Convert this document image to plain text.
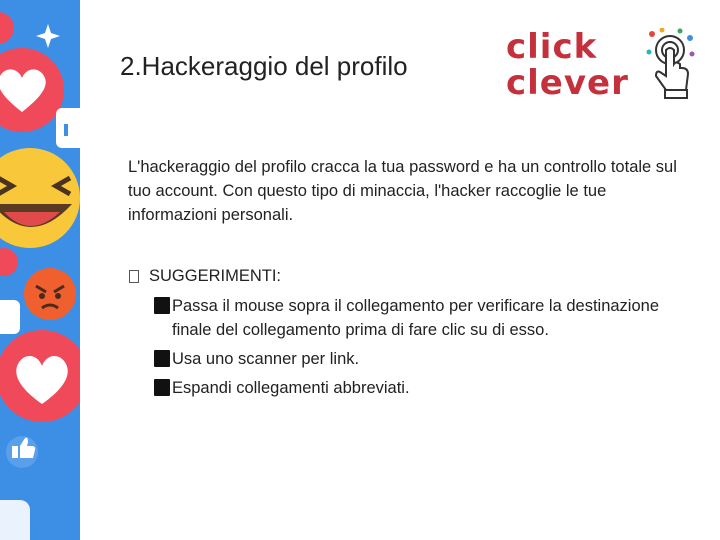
2.Hackeraggio del profilo	click
clever
L'hackeraggio del profilo cracca la tua password e ha un controllo totale sul tuo account. Con questo tipo di minaccia, l'hacker raccoglie le tue informazioni personali.
SUGGERIMENTI:
Passa il mouse sopra il collegamento per verificare la destinazione finale del collegamento prima di fare clic su di esso.
Usa uno scanner per link.
Espandi collegamenti abbreviati.
